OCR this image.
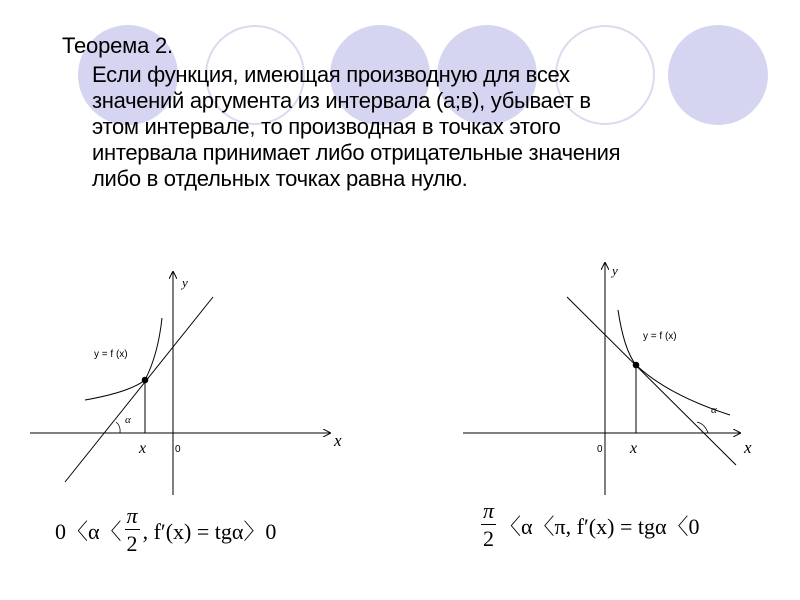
Теорема 2.
Если функция, имеющая производную для всех
значений аргумента из интервала (а;в), убывает в
этом интервале, то производная в точках этого
интервала принимает либо отрицательные значения
либо в отдельных точках равна нулю.
y
x
y = f (x)
α
x	0
y
x
y = f (x)
α
x
0
0〈α〈 $\frac{\pi}{2}$ , f′(x) = tgα〉0	$\frac{\pi}{2}$ 〈α〈π, f′(x) = tgα〈0
